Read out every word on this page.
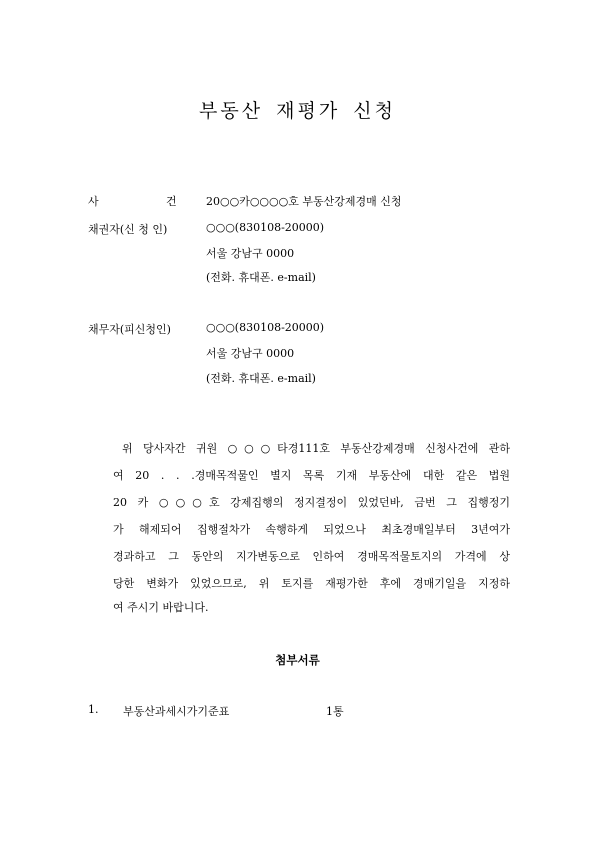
부동산 재평가 신청
사	건	20○○카○○○○호 부동산강제경매 신청
채권자(신 청 인)	○○○(830108-20000)
서울 강남구 0000
(전화. 휴대폰. e-mail)
채무자(피신청인)	○○○(830108-20000)
서울 강남구 0000
(전화. 휴대폰. e-mail)
위 당사자간 귀원 ○○○타경111호 부동산강제경매 신청사건에 관하
여 20 . . .경매목적물인 별지 목록 기재 부동산에 대한 같은 법원
20 카 ○○○호 강제집행의 정지결정이 있었던바, 금번 그 집행정기
가 해제되어 집행절차가 속행하게 되었으나 최초경매일부터 3년여가
경과하고 그 동안의 지가변동으로 인하여 경매목적물토지의 가격에 상
당한 변화가 있었으므로, 위 토지를 재평가한 후에 경매기일을 지정하
여 주시기 바랍니다.
첨부서류
1. 부동산과세시가기준표	1통
